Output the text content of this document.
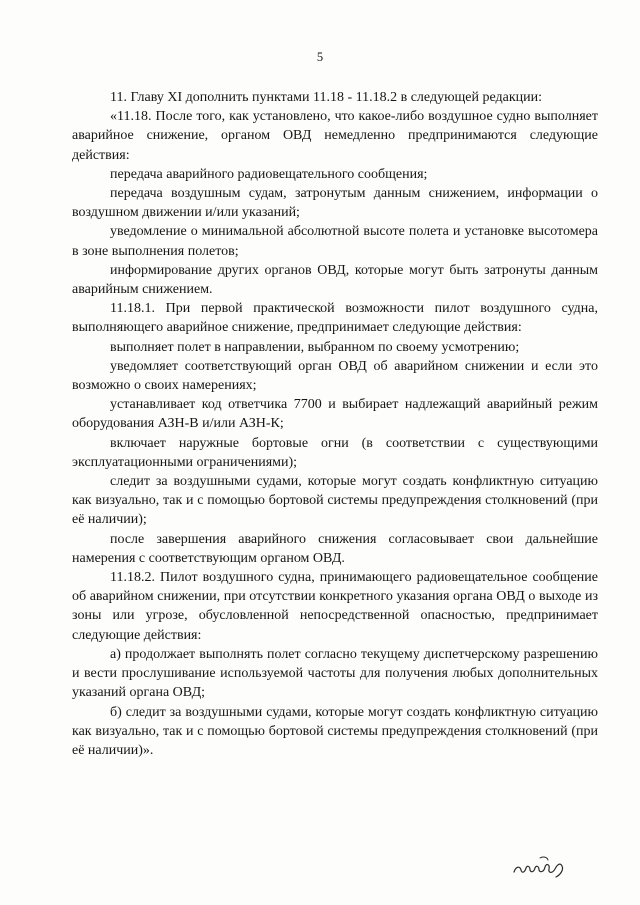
5

11. Главу XI дополнить пунктами 11.18 - 11.18.2 в следующей редакции:

«11.18. После того, как установлено, что какое-либо воздушное судно выполняет аварийное снижение, органом ОВД немедленно предпринимаются следующие действия:

передача аварийного радиовещательного сообщения;

передача воздушным судам, затронутым данным снижением, информации о воздушном движении и/или указаний;

уведомление о минимальной абсолютной высоте полета и установке высотомера в зоне выполнения полетов;

информирование других органов ОВД, которые могут быть затронуты данным аварийным снижением.

11.18.1. При первой практической возможности пилот воздушного судна, выполняющего аварийное снижение, предпринимает следующие действия:

выполняет полет в направлении, выбранном по своему усмотрению;

уведомляет соответствующий орган ОВД об аварийном снижении и если это возможно о своих намерениях;

устанавливает код ответчика 7700 и выбирает надлежащий аварийный режим оборудования АЗН-В и/или АЗН-К;

включает наружные бортовые огни (в соответствии с существующими эксплуатационными ограничениями);

следит за воздушными судами, которые могут создать конфликтную ситуацию как визуально, так и с помощью бортовой системы предупреждения столкновений (при её наличии);

после завершения аварийного снижения согласовывает свои дальнейшие намерения с соответствующим органом ОВД.

11.18.2. Пилот воздушного судна, принимающего радиовещательное сообщение об аварийном снижении, при отсутствии конкретного указания органа ОВД о выходе из зоны или угрозе, обусловленной непосредственной опасностью, предпринимает следующие действия:

а) продолжает выполнять полет согласно текущему диспетчерскому разрешению и вести прослушивание используемой частоты для получения любых дополнительных указаний органа ОВД;

б) следит за воздушными судами, которые могут создать конфликтную ситуацию как визуально, так и с помощью бортовой системы предупреждения столкновений (при её наличии)».
